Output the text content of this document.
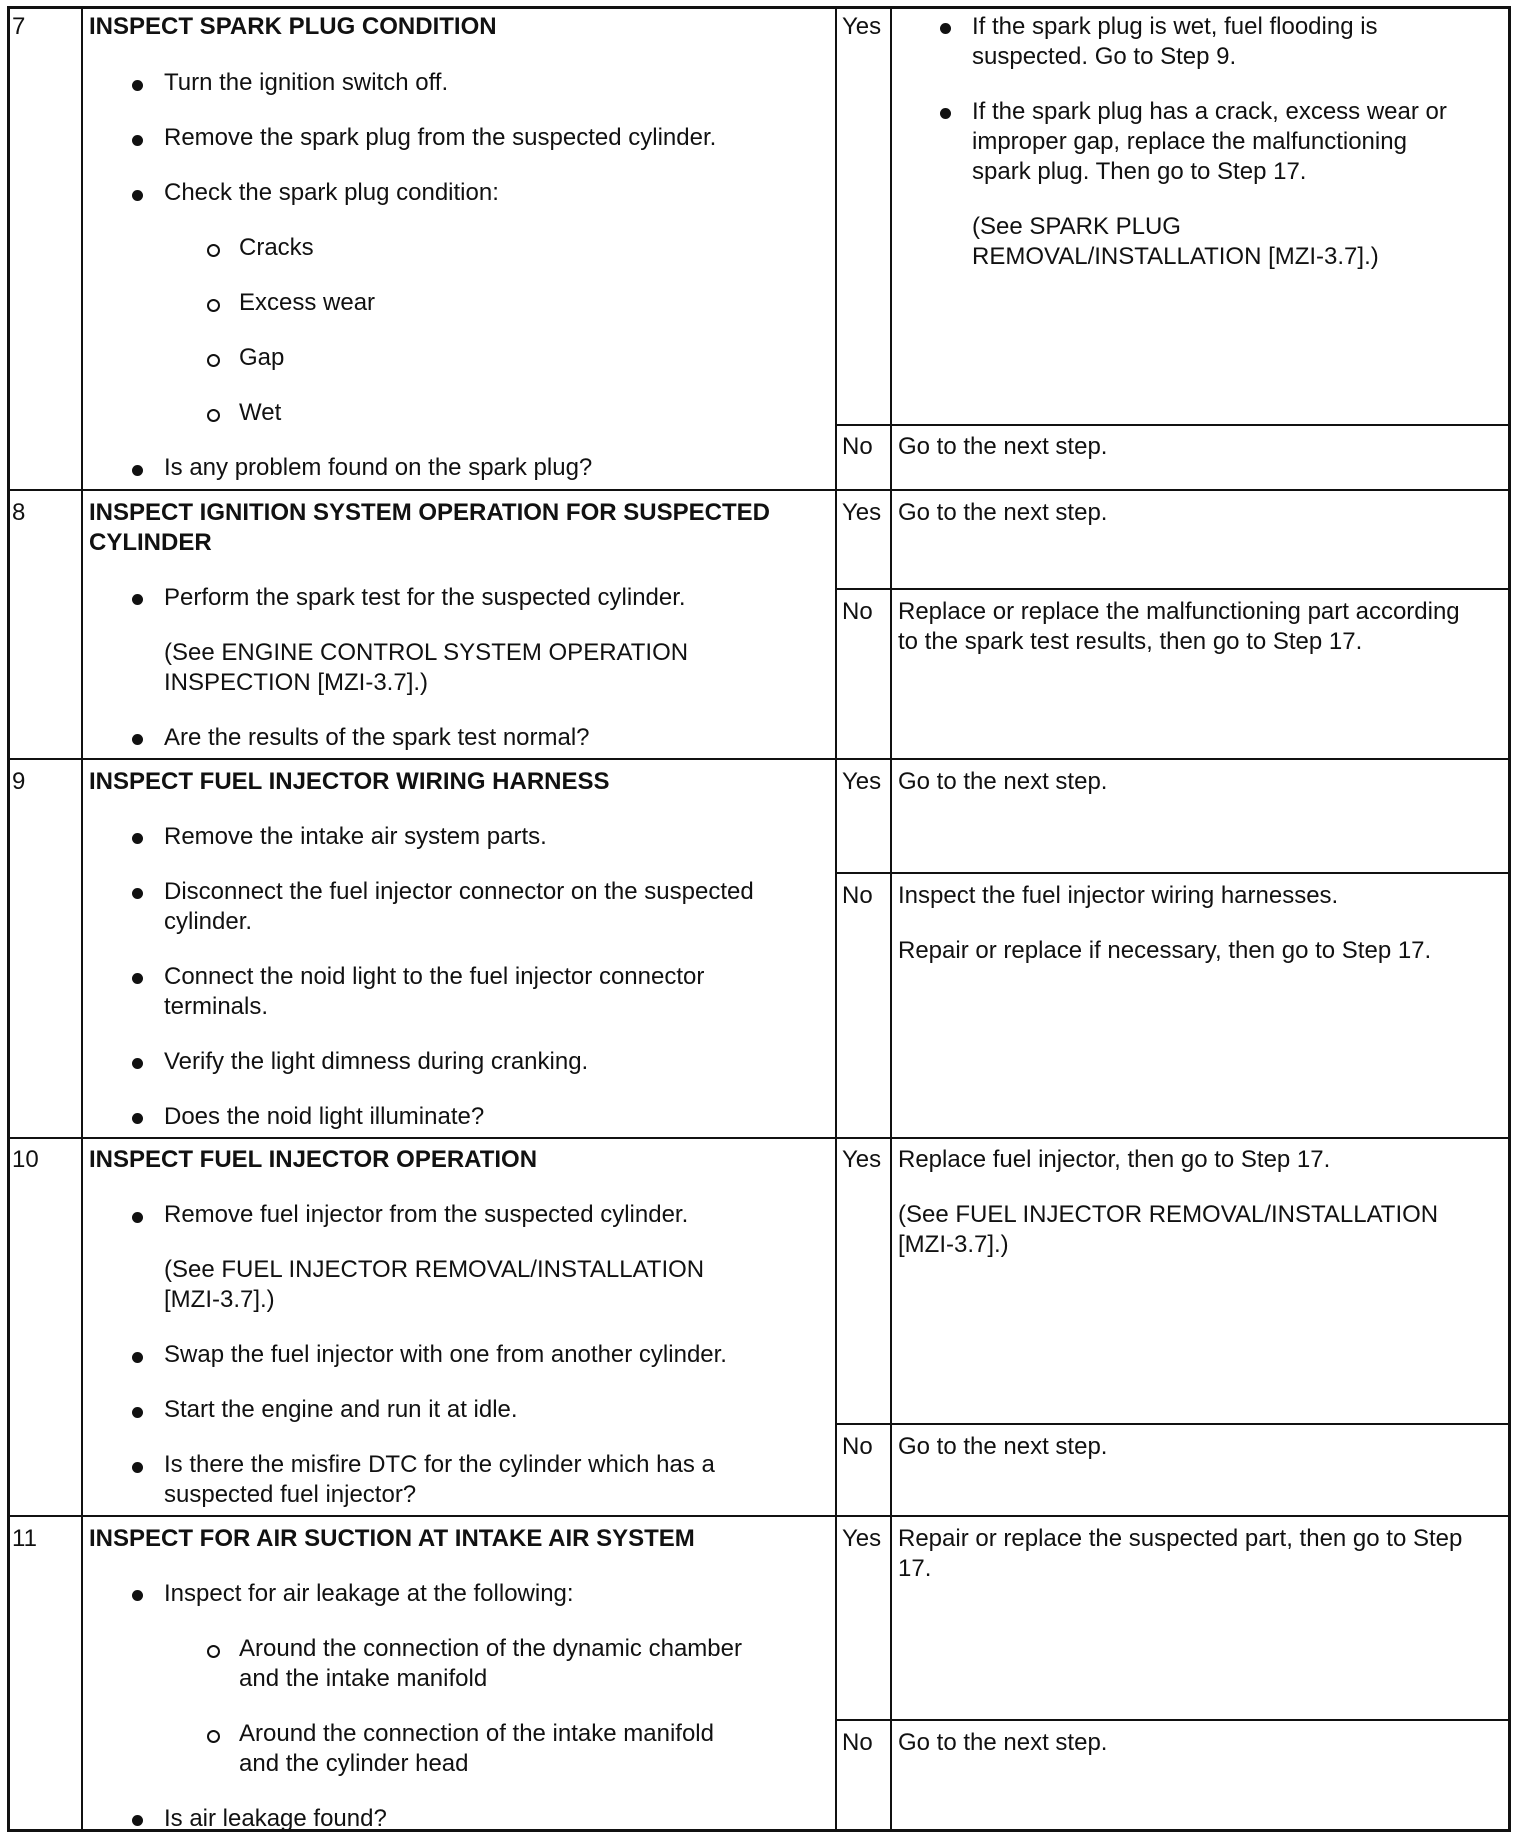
7	INSPECT SPARK PLUG CONDITION
Turn the ignition switch off.
Remove the spark plug from the suspected cylinder.
Check the spark plug condition:
Cracks
Excess wear
Gap
Wet
Is any problem found on the spark plug?
Yes	If the spark plug is wet, fuel flooding is
suspected. Go to Step 9.
If the spark plug has a crack, excess wear or
improper gap, replace the malfunctioning
spark plug. Then go to Step 17.
(See SPARK PLUG
REMOVAL/INSTALLATION [MZI-3.7].)
No Go to the next step.
8	INSPECT IGNITION SYSTEM OPERATION FOR SUSPECTED
CYLINDER
Perform the spark test for the suspected cylinder.
(See ENGINE CONTROL SYSTEM OPERATION
INSPECTION [MZI-3.7].)
Are the results of the spark test normal?
Yes Go to the next step.
No Replace or replace the malfunctioning part according
to the spark test results, then go to Step 17.
9	INSPECT FUEL INJECTOR WIRING HARNESS
Remove the intake air system parts.
Disconnect the fuel injector connector on the suspected
cylinder.
Connect the noid light to the fuel injector connector
terminals.
Verify the light dimness during cranking.
Does the noid light illuminate?
Yes Go to the next step.
No Inspect the fuel injector wiring harnesses.
Repair or replace if necessary, then go to Step 17.
10 INSPECT FUEL INJECTOR OPERATION
Remove fuel injector from the suspected cylinder.
(See FUEL INJECTOR REMOVAL/INSTALLATION
[MZI-3.7].)
Swap the fuel injector with one from another cylinder.
Start the engine and run it at idle.
Is there the misfire DTC for the cylinder which has a
suspected fuel injector?
Yes Replace fuel injector, then go to Step 17.
(See FUEL INJECTOR REMOVAL/INSTALLATION
[MZI-3.7].)
No Go to the next step.
11 INSPECT FOR AIR SUCTION AT INTAKE AIR SYSTEM
Inspect for air leakage at the following:
Around the connection of the dynamic chamber
and the intake manifold
Around the connection of the intake manifold
and the cylinder head
Is air leakage found?
Yes Repair or replace the suspected part, then go to Step
17.
No Go to the next step.
